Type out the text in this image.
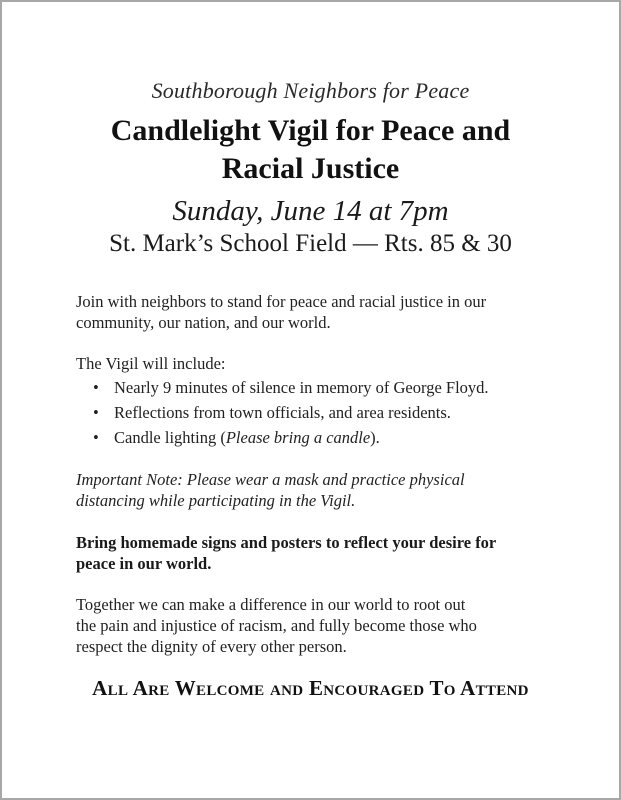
Southborough Neighbors for Peace

Candlelight Vigil for Peace and
Racial Justice

Sunday, June 14 at 7pm

St. Mark’s School Field — Rts. 85 & 30

Join with neighbors to stand for peace and racial justice in our
community, our nation, and our world.

The Vigil will include:

• Nearly 9 minutes of silence in memory of George Floyd.
• Reflections from town officials, and area residents.
• Candle lighting (Please bring a candle).

Important Note: Please wear a mask and practice physical
distancing while participating in the Vigil.

Bring homemade signs and posters to reflect your desire for
peace in our world.

Together we can make a difference in our world to root out
the pain and injustice of racism, and fully become those who
respect the dignity of every other person.

All Are Welcome and Encouraged To Attend
